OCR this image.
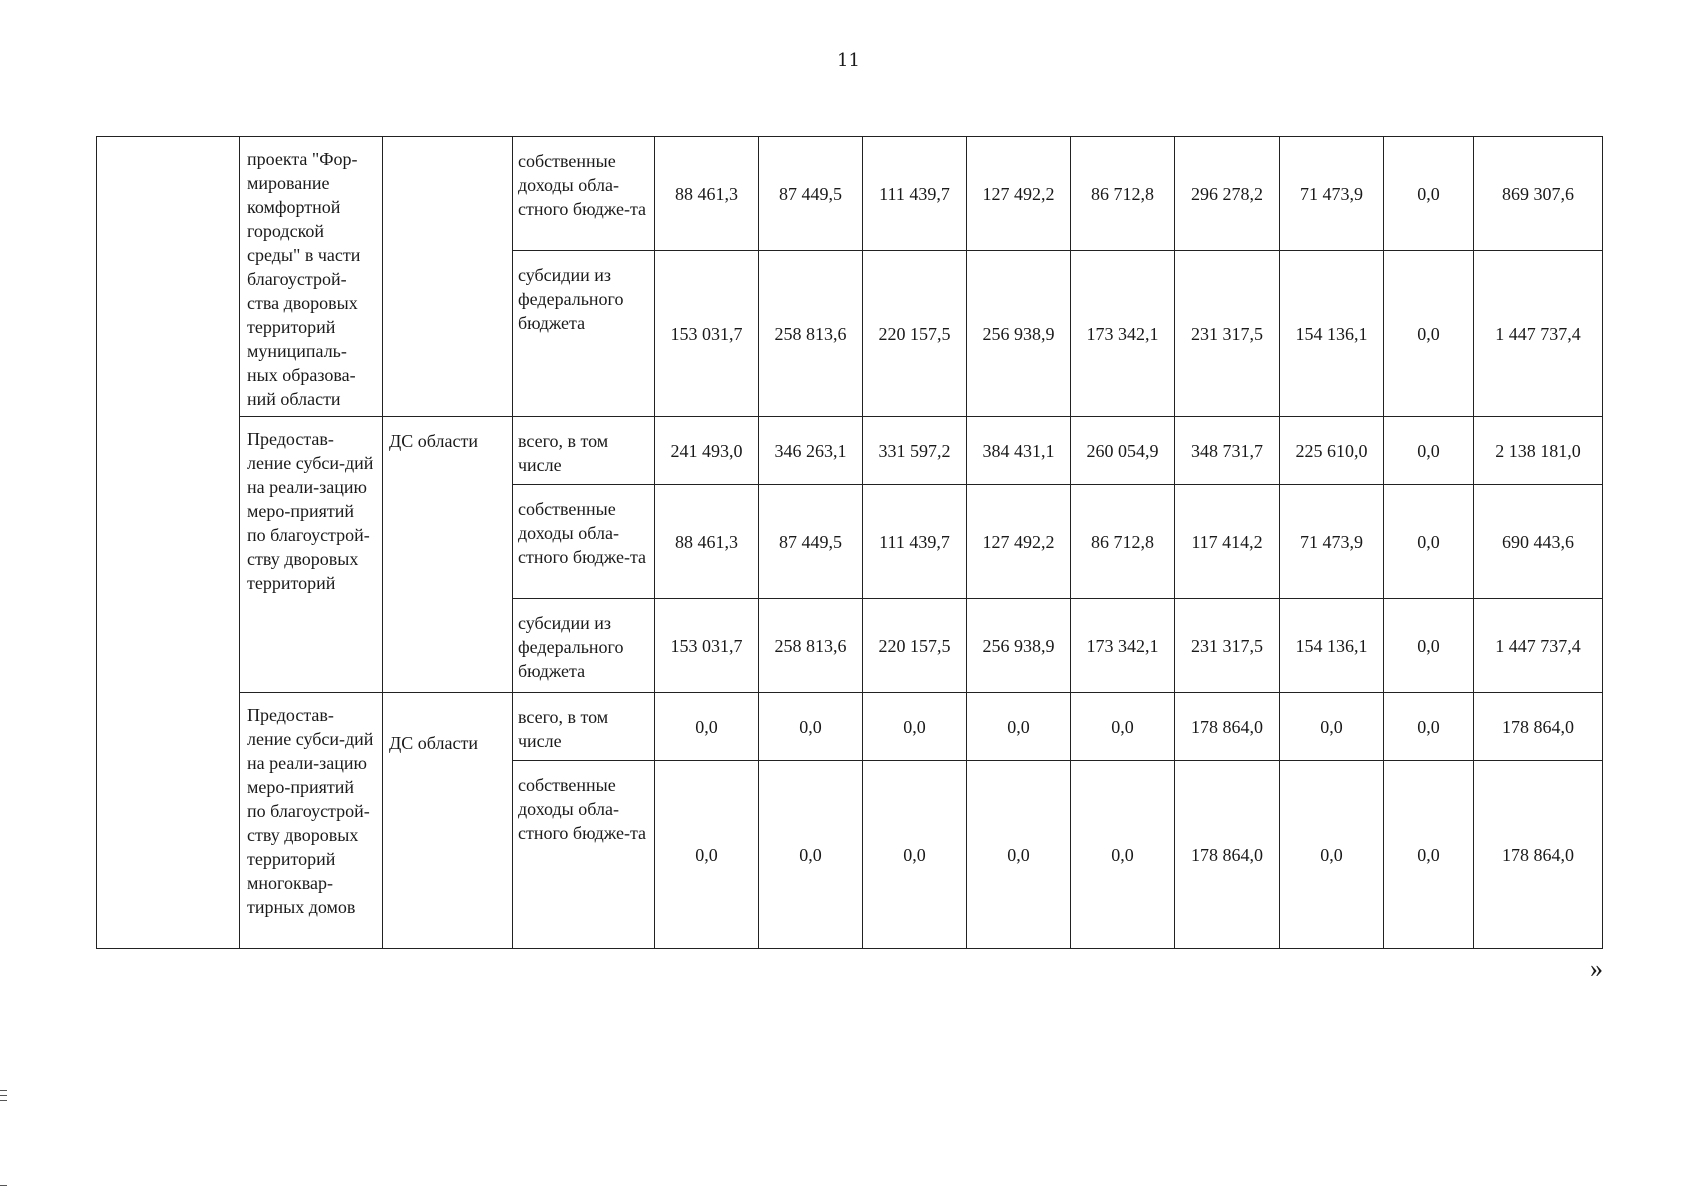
11
	проекта "Фор-мирование комфортной городской среды" в части благоустрой-ства дворовых территорий муниципаль-ных образова-ний области		собственные доходы обла-стного бюдже-та	88 461,3	87 449,5	111 439,7	127 492,2	86 712,8	296 278,2	71 473,9	0,0	869 307,6
			субсидии из федерального бюджета	153 031,7	258 813,6	220 157,5	256 938,9	173 342,1	231 317,5	154 136,1	0,0	1 447 737,4
	Предостав-ление субси-дий на реали-зацию меро-приятий по благоустрой-ству дворовых территорий	ДС области	всего, в том числе	241 493,0	346 263,1	331 597,2	384 431,1	260 054,9	348 731,7	225 610,0	0,0	2 138 181,0
			собственные доходы обла-стного бюдже-та	88 461,3	87 449,5	111 439,7	127 492,2	86 712,8	117 414,2	71 473,9	0,0	690 443,6
			субсидии из федерального бюджета	153 031,7	258 813,6	220 157,5	256 938,9	173 342,1	231 317,5	154 136,1	0,0	1 447 737,4
	Предостав-ление субси-дий на реали-зацию меро-приятий по благоустрой-ству дворовых территорий многоквар-тирных домов	ДС области	всего, в том числе	0,0	0,0	0,0	0,0	0,0	178 864,0	0,0	0,0	178 864,0
			собственные доходы обла-стного бюдже-та	0,0	0,0	0,0	0,0	0,0	178 864,0	0,0	0,0	178 864,0
»
